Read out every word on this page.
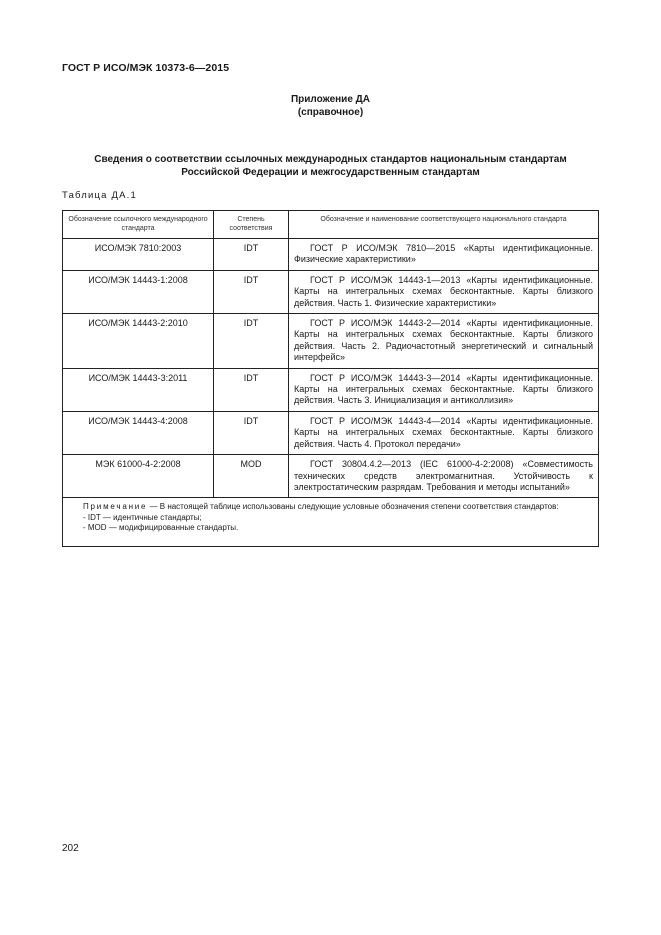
ГОСТ Р ИСО/МЭК 10373-6—2015
Приложение ДА
(справочное)
Сведения о соответствии ссылочных международных стандартов национальным стандартам
Российской Федерации и межгосударственным стандартам
Таблица ДА.1
Обозначение ссылочного международного стандарта	Степень соответствия	Обозначение и наименование соответствующего национального стандарта
ИСО/МЭК 7810:2003	IDT	ГОСТ Р ИСО/МЭК 7810—2015 «Карты идентификационные. Физические характеристики»
ИСО/МЭК 14443-1:2008	IDT	ГОСТ Р ИСО/МЭК 14443-1—2013 «Карты идентификационные. Карты на интегральных схемах бесконтактные. Карты близкого действия. Часть 1. Физические характеристики»
ИСО/МЭК 14443-2:2010	IDT	ГОСТ Р ИСО/МЭК 14443-2—2014 «Карты идентификационные. Карты на интегральных схемах бесконтактные. Карты близкого действия. Часть 2. Радиочастотный энергетический и сигнальный интерфейс»
ИСО/МЭК 14443-3:2011	IDT	ГОСТ Р ИСО/МЭК 14443-3—2014 «Карты идентификационные. Карты на интегральных схемах бесконтактные. Карты близкого действия. Часть 3. Инициализация и антиколлизия»
ИСО/МЭК 14443-4:2008	IDT	ГОСТ Р ИСО/МЭК 14443-4—2014 «Карты идентификационные. Карты на интегральных схемах бесконтактные. Карты близкого действия. Часть 4. Протокол передачи»
МЭК 61000-4-2:2008	MOD	ГОСТ 30804.4.2—2013 (IEC 61000-4-2:2008) «Совместимость технических средств электромагнитная. Устойчивость к электростатическим разрядам. Требования и методы испытаний»
Примечание — В настоящей таблице использованы следующие условные обозначения степени соответствия стандартов:
- IDT — идентичные стандарты;
- MOD — модифицированные стандарты.		
202
